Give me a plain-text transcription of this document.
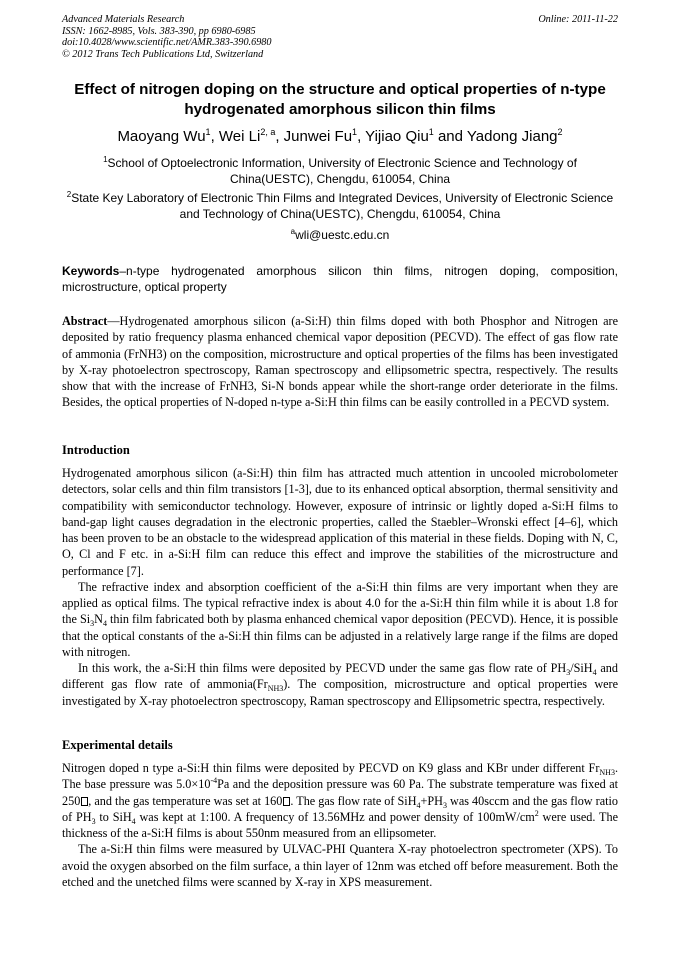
Advanced Materials Research
ISSN: 1662-8985, Vols. 383-390, pp 6980-6985
doi:10.4028/www.scientific.net/AMR.383-390.6980
© 2012 Trans Tech Publications Ltd, Switzerland
Online: 2011-11-22
Effect of nitrogen doping on the structure and optical properties of n-type hydrogenated amorphous silicon thin films
Maoyang Wu$^1$, Wei Li$^{2, a}$, Junwei Fu$^1$, Yijiao Qiu$^1$ and Yadong Jiang$^2$
$^1$School of Optoelectronic Information, University of Electronic Science and Technology of China(UESTC), Chengdu, 610054, China
$^2$State Key Laboratory of Electronic Thin Films and Integrated Devices, University of Electronic Science and Technology of China(UESTC), Chengdu, 610054, China
$^a$wli@uestc.edu.cn
Keywords–n-type hydrogenated amorphous silicon thin films, nitrogen doping, composition, microstructure, optical property
Abstract—Hydrogenated amorphous silicon (a-Si:H) thin films doped with both Phosphor and Nitrogen are deposited by ratio frequency plasma enhanced chemical vapor deposition (PECVD). The effect of gas flow rate of ammonia (FrNH3) on the composition, microstructure and optical properties of the films has been investigated by X-ray photoelectron spectroscopy, Raman spectroscopy and ellipsometric spectra, respectively. The results show that with the increase of FrNH3, Si-N bonds appear while the short-range order deteriorate in the films. Besides, the optical properties of N-doped n-type a-Si:H thin films can be easily controlled in a PECVD system.
Introduction

Hydrogenated amorphous silicon (a-Si:H) thin film has attracted much attention in uncooled microbolometer detectors, solar cells and thin film transistors [1-3], due to its enhanced optical absorption, thermal sensitivity and compatibility with semiconductor technology. However, exposure of intrinsic or lightly doped a-Si:H films to band-gap light causes degradation in the electronic properties, called the Staebler–Wronski effect [4–6], which has been proven to be an obstacle to the widespread application of this material in these fields. Doping with N, C, O, Cl and F etc. in a-Si:H film can reduce this effect and improve the stabilities of the microstructure and performance [7].

The refractive index and absorption coefficient of the a-Si:H thin films are very important when they are applied as optical films. The typical refractive index is about 4.0 for the a-Si:H thin film while it is about 1.8 for the $Si_3N_4$ thin film fabricated both by plasma enhanced chemical vapor deposition (PECVD). Hence, it is possible that the optical constants of the a-Si:H thin films can be adjusted in a relatively large range if the films are doped with nitrogen.

In this work, the a-Si:H thin films were deposited by PECVD under the same gas flow rate of $PH_3/SiH_4$ and different gas flow rate of $ammonia(Fr_{NH3})$. The composition, microstructure and optical properties were investigated by X-ray photoelectron spectroscopy, Raman spectroscopy and Ellipsometric spectra, respectively.

Experimental details

Nitrogen doped n type a-Si:H thin films were deposited by PECVD on K9 glass and KBr under different $Fr_{NH3}$. The base pressure was $5.0\times 10^{-4}Pa$ and the deposition pressure was 60 Pa. The substrate temperature was fixed at 250 , and the gas temperature was set at 160 . The gas flow rate of $SiH_4+PH_3$ was 40sccm and the gas flow ratio of $PH_3$ to SiH$_4$ was kept at 1:100. A frequency of 13.56MHz and power density of $100mW/cm^2$ were used. The thickness of the a-Si:H films is about 550nm measured from an ellipsometer.

The a-Si:H thin films were measured by ULVAC-PHI Quantera X-ray photoelectron spectrometer (XPS). To avoid the oxygen absorbed on the film surface, a thin layer of 12nm was etched off before measurement. Both the etched and the unetched films were scanned by X-ray in XPS measurement.
